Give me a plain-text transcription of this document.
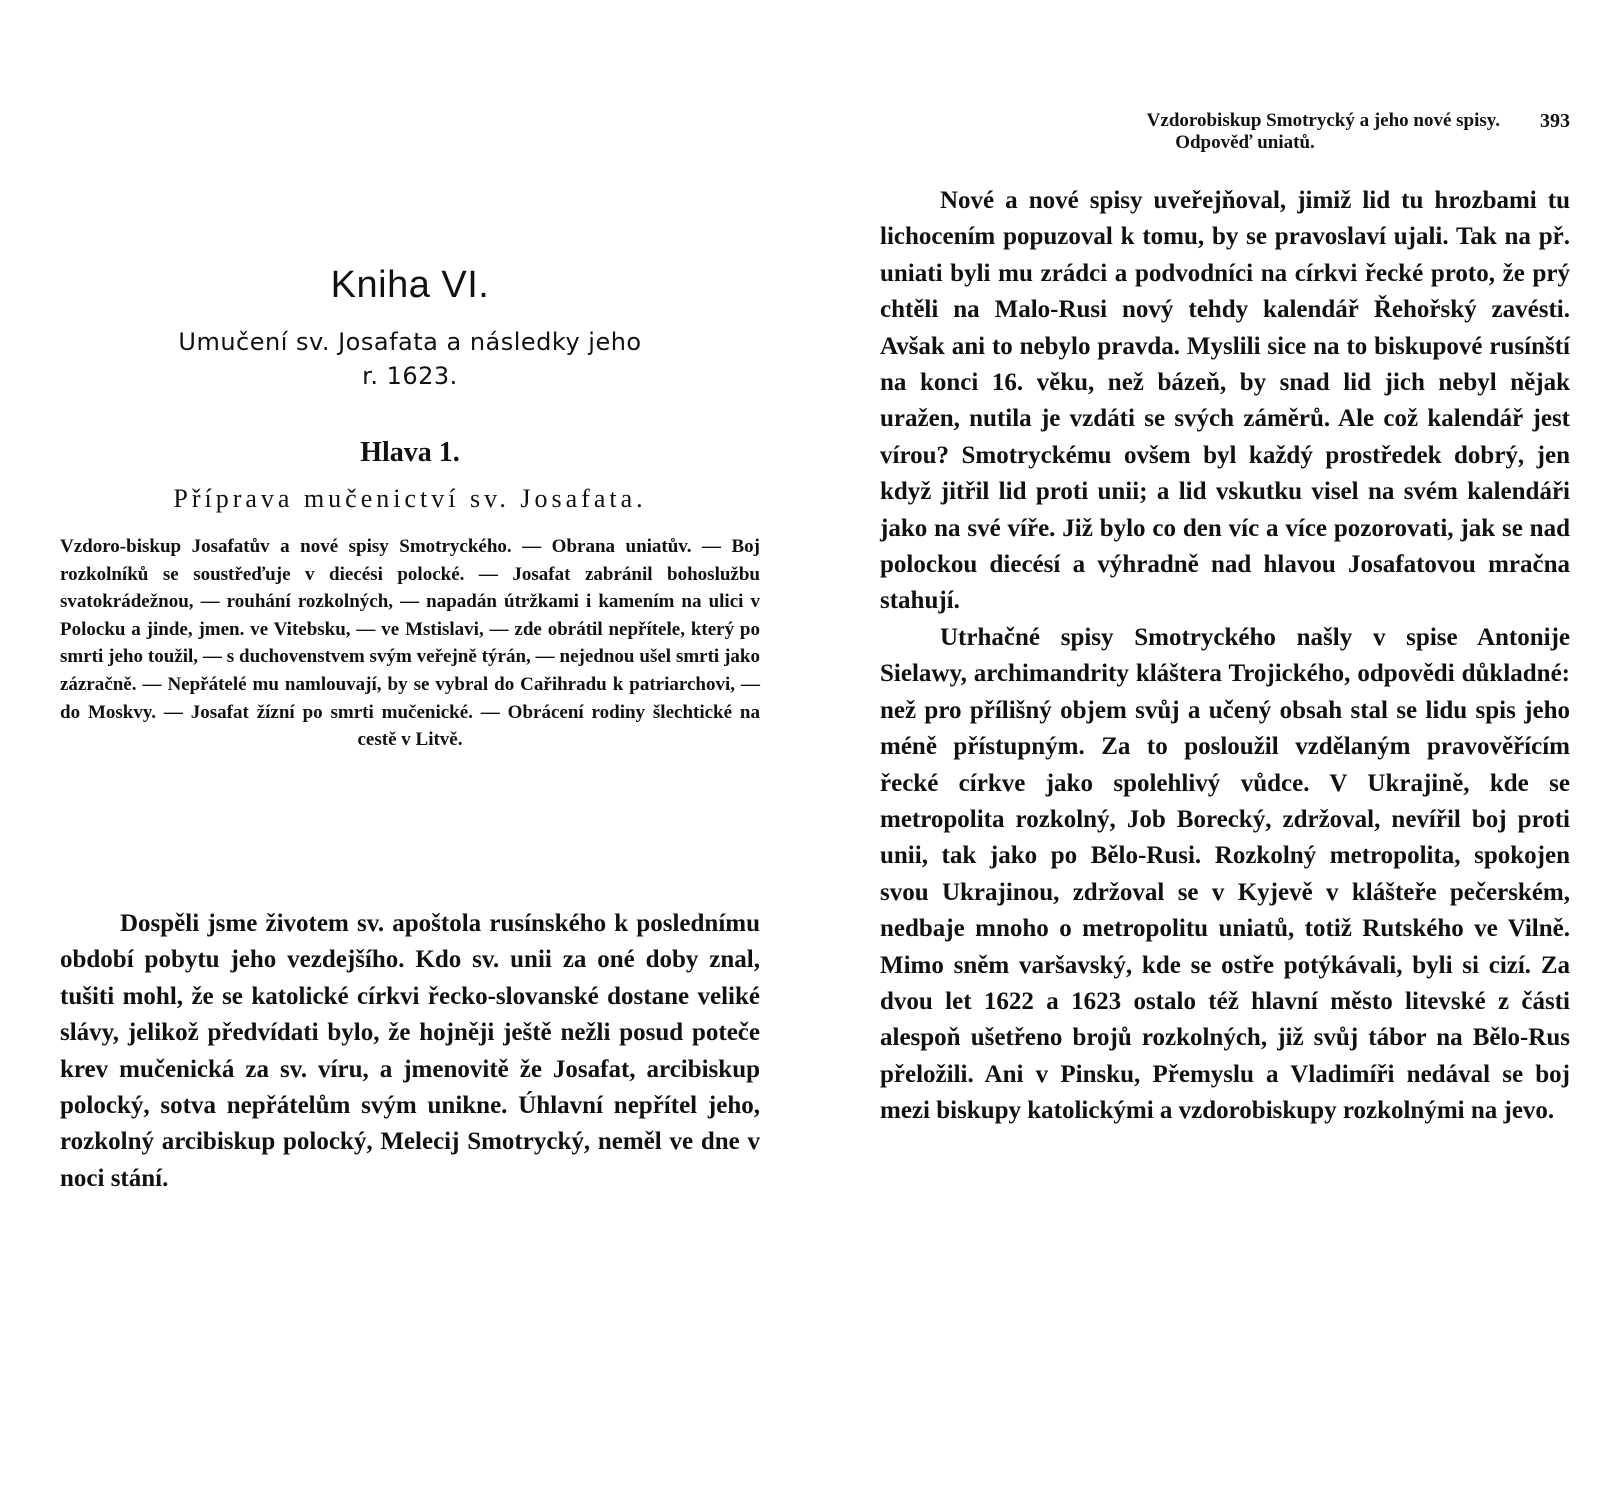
Kniha VI.
Umučení sv. Josafata a následky jeho
r. 1623.
Hlava 1.
Příprava mučenictví sv. Josafata.

Vzdoro-biskup Josafatův a nové spisy Smotryckého. — Obrana uniatův. — Boj rozkolníků se soustřeďuje v diecési polocké. — Josafat zabránil bohoslužbu svatokrádežnou, — rouhání rozkolných, — napadán útržkami i kamením na ulici v Polocku a jinde, jmen. ve Vitebsku, — ve Mstislavi, — zde obrátil nepřítele, který po smrti jeho toužil, — s duchovenstvem svým veřejně týrán, — nejednou ušel smrti jako zázračně. — Nepřátelé mu namlouvají, by se vybral do Cařihradu k patriarchovi, — do Moskvy. — Josafat žízní po smrti mučenické. — Obrácení rodiny šlechtické na cestě v Litvě.

Dospěli jsme životem sv. apoštola rusínského k poslednímu období pobytu jeho vezdejšího. Kdo sv. unii za oné doby znal, tušiti mohl, že se katolické církvi řecko-slovanské dostane veliké slávy, jelikož předvídati bylo, že hojněji ještě nežli posud poteče krev mučenická za sv. víru, a jmenovitě že Josafat, arcibiskup polocký, sotva nepřátelům svým unikne. Úhlavní nepřítel jeho, rozkolný arcibiskup polocký, Melecij Smotrycký, neměl ve dne v noci stání.

Vzdorobiskup Smotrycký a jeho nové spisy.	393
Odpověď uniatů.

Nové a nové spisy uveřejňoval, jimiž lid tu hrozbami tu lichocením popuzoval k tomu, by se pravoslaví ujali. Tak na př. uniati byli mu zrádci a podvodníci na církvi řecké proto, že prý chtěli na Malo-Rusi nový tehdy kalendář Řehořský zavésti. Avšak ani to nebylo pravda. Myslili sice na to biskupové rusínští na konci 16. věku, než bázeň, by snad lid jich nebyl nějak uražen, nutila je vzdáti se svých záměrů. Ale což kalendář jest vírou? Smotryckému ovšem byl každý prostředek dobrý, jen když jitřil lid proti unii; a lid vskutku visel na svém kalendáři jako na své víře. Již bylo co den víc a více pozorovati, jak se nad polockou diecésí a výhradně nad hlavou Josafatovou mračna stahují.

Utrhačné spisy Smotryckého našly v spise Antonije Sielawy, archimandrity kláštera Trojického, odpovědi důkladné: než pro přílišný objem svůj a učený obsah stal se lidu spis jeho méně přístupným. Za to posloužil vzdělaným pravověřícím řecké církve jako spolehlivý vůdce. V Ukrajině, kde se metropolita rozkolný, Job Borecký, zdržoval, nevířil boj proti unii, tak jako po Bělo-Rusi. Rozkolný metropolita, spokojen svou Ukrajinou, zdržoval se v Kyjevě v klášteře pečerském, nedbaje mnoho o metropolitu uniatů, totiž Rutského ve Vilně. Mimo sněm varšavský, kde se ostře potýkávali, byli si cizí. Za dvou let 1622 a 1623 ostalo též hlavní město litevské z části alespoň ušetřeno brojů rozkolných, již svůj tábor na Bělo-Rus přeložili. Ani v Pinsku, Přemyslu a Vladimíři nedával se boj mezi biskupy katolickými a vzdorobiskupy rozkolnými na jevo.
